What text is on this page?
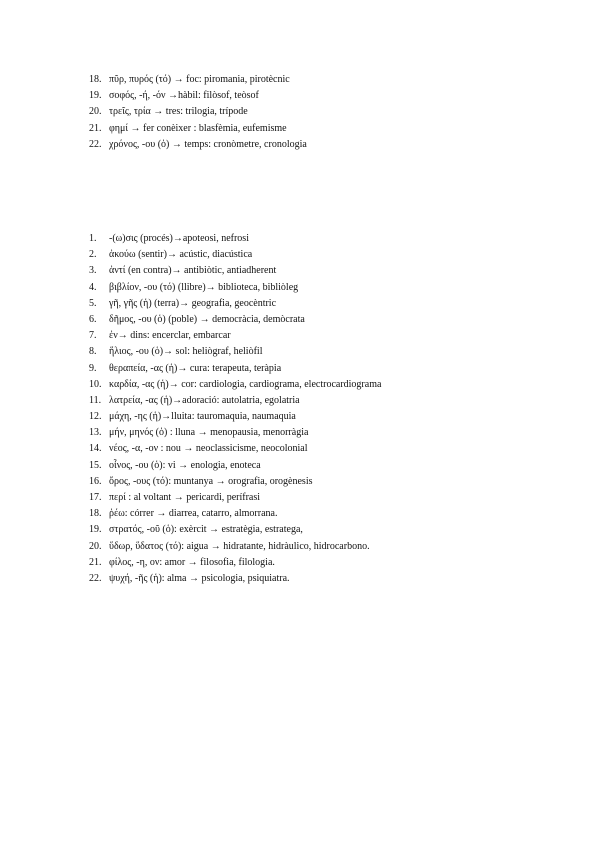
18. πῦρ, πυρός (τό) → foc: piromania, pirotècnic
19. σοφός, -ή, -όν →hàbil: filòsof, teòsof
20. τρεῖς, τρία → tres: trilogia, trípode
21. φημί → fer conèixer : blasfèmia, eufemisme
22. χρόνος, -ου (ὁ) → temps: cronòmetre, cronologia
1.	-(ω)σις (procés)→apoteosi, nefrosi
2.	ἀκούω (sentir)→ acústic, diacústica
3.	ἀντί (en contra)→ antibiòtic, antiadherent
4.	βιβλίον, -ου (τό) (llibre)→ biblioteca, bibliòleg
5.	γῆ, γῆς (ἡ) (terra)→ geografia, geocèntric
6.	δῆμος, -ου (ὁ) (poble) → democràcia, demòcrata
7.	ἐν→ dins: encerclar, embarcar
8.	ἥλιος, -ου (ὁ)→ sol: heliògraf, heliòfil
9.	θεραπεία, -ας (ἡ)→ cura: terapeuta, teràpia
10. καρδία, -ας (ἡ)→ cor: cardiologia, cardiograma, electrocardiograma
11. λατρεία, -ας (ἡ)→adoració: autolatria, egolatria
12. μάχη, -ης (ἡ)→lluita: tauromaquia, naumaquia
13. μήν, μηνός (ὁ) : lluna → menopausia, menorràgia
14. νέος, -α, -ον : nou → neoclassicisme, neocolonial
15. οἶνος, -ου (ὁ): vi → enologia, enoteca
16. ὄρος, -ους (τό): muntanya → orografia, orogènesis
17. περί : al voltant → pericardi, perífrasi
18. ῥέω: córrer → diarrea, catarro, almorrana.
19. στρατός, -οῦ (ὁ): exèrcit → estratègia, estratega,
20. ὕδωρ, ὕδατος (τό): aigua → hidratante, hidràulico, hidrocarbono.
21. φίλος, -η, ον: amor → filosofia, filologia.
22. ψυχή, -ῆς (ἡ): alma → psicologia, psiquiatra.
